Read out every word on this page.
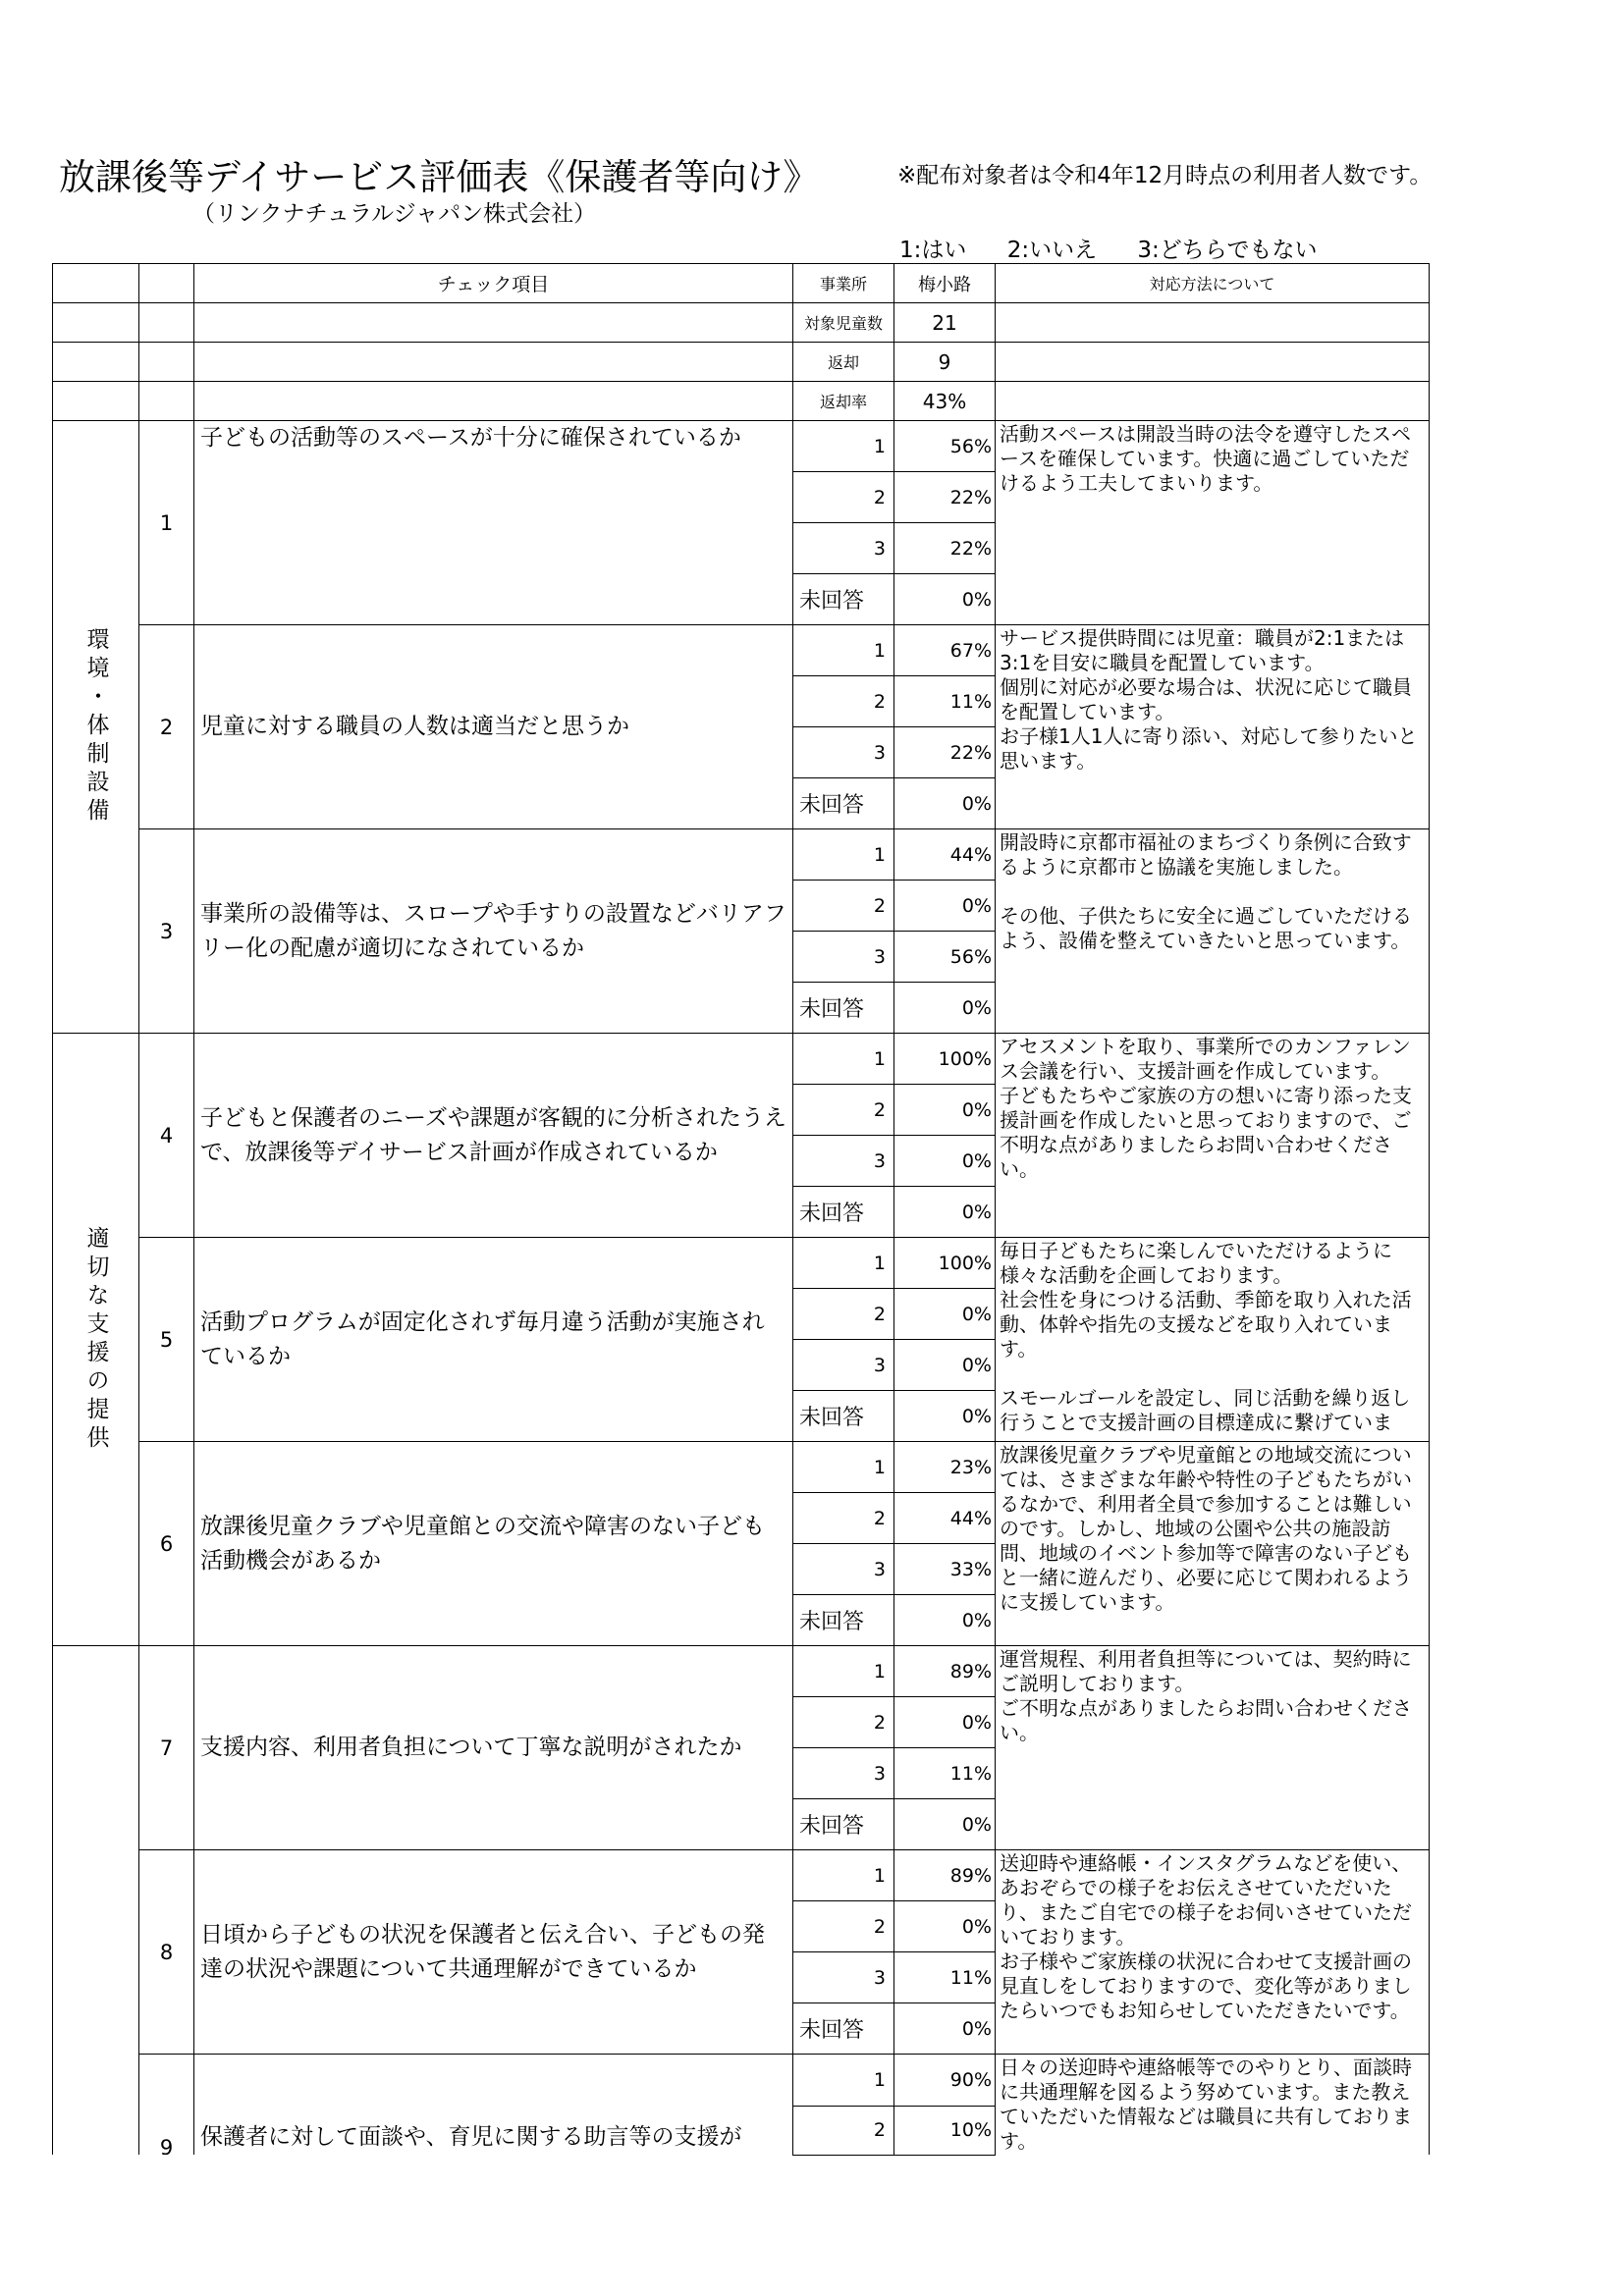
放課後等デイサービス評価表《保護者等向け》
（リンクナチュラルジャパン株式会社）
※配布対象者は令和4年12月時点の利用者人数です。
1:はい 2:いいえ 3:どちらでもない
		チェック項目	事業所	梅小路	対応方法について
			対象児童数	21	
			返却	9	
			返却率	43%	

環境・体制設備	1	子どもの活動等のスペースが十分に確保されているか	1	56%	活動スペースは開設当時の法令を遵守したスペースを確保しています。快適に過ごしていただけるよう工夫してまいります。

			2	22%	
			3	22%	
			未回答	0%	
	2	児童に対する職員の人数は適当だと思うか	1	67%	サービス提供時間には児童：職員が2:1または3:1を目安に職員を配置しています。
個別に対応が必要な場合は、状況に応じて職員を配置しています。
お子様1人1人に寄り添い、対応して参りたいと思います。

			2	11%	
			3	22%	
			未回答	0%	
	3	事業所の設備等は、スロープや手すりの設置などバリアフリー化の配慮が適切になされているか	1	44%	開設時に京都市福祉のまちづくり条例に合致するように京都市と協議を実施しました。

その他、子供たちに安全に過ごしていただけるよう、設備を整えていきたいと思っています。

			2	0%	
			3	56%	
			未回答	0%	

適切な支援の提供	4	子どもと保護者のニーズや課題が客観的に分析されたうえで、放課後等デイサービス計画が作成されているか	1	100%	アセスメントを取り、事業所でのカンファレンス会議を行い、支援計画を作成しています。
子どもたちやご家族の方の想いに寄り添った支援計画を作成したいと思っておりますので、ご不明な点がありましたらお問い合わせください。

			2	0%	
			3	0%	
			未回答	0%	
	5	活動プログラムが固定化されず毎月違う活動が実施されているか	1	100%	毎日子どもたちに楽しんでいただけるように様々な活動を企画しております。
社会性を身につける活動、季節を取り入れた活動、体幹や指先の支援などを取り入れています。

スモールゴールを設定し、同じ活動を繰り返し行うことで支援計画の目標達成に繋げていま

			2	0%	
			3	0%	
			未回答	0%	
	6	放課後児童クラブや児童館との交流や障害のない子ども活動機会があるか	1	23%	放課後児童クラブや児童館との地域交流については、さまざまな年齢や特性の子どもたちがいるなかで、利用者全員で参加することは難しいのです。しかし、地域の公園や公共の施設訪問、地域のイベント参加等で障害のない子どもと一緒に遊んだり、必要に応じて関われるように支援しています。

			2	44%	
			3	33%	
			未回答	0%	

	7	支援内容、利用者負担について丁寧な説明がされたか	1	89%	運営規程、利用者負担等については、契約時にご説明しております。
ご不明な点がありましたらお問い合わせください。

			2	0%	
			3	11%	
			未回答	0%	
	8	日頃から子どもの状況を保護者と伝え合い、子どもの発達の状況や課題について共通理解ができているか	1	89%	送迎時や連絡帳・インスタグラムなどを使い、あおぞらでの様子をお伝えさせていただいたり、またご自宅での様子をお伺いさせていただいております。
お子様やご家族様の状況に合わせて支援計画の見直しをしておりますので、変化等がありましたらいつでもお知らせしていただきたいです。

			2	0%	
			3	11%	
			未回答	0%	
	9	保護者に対して面談や、育児に関する助言等の支援が	1	90%	日々の送迎時や連絡帳等でのやりとり、面談時に共通理解を図るよう努めています。また教えていただいた情報などは職員に共有しております。

			2	10%	
